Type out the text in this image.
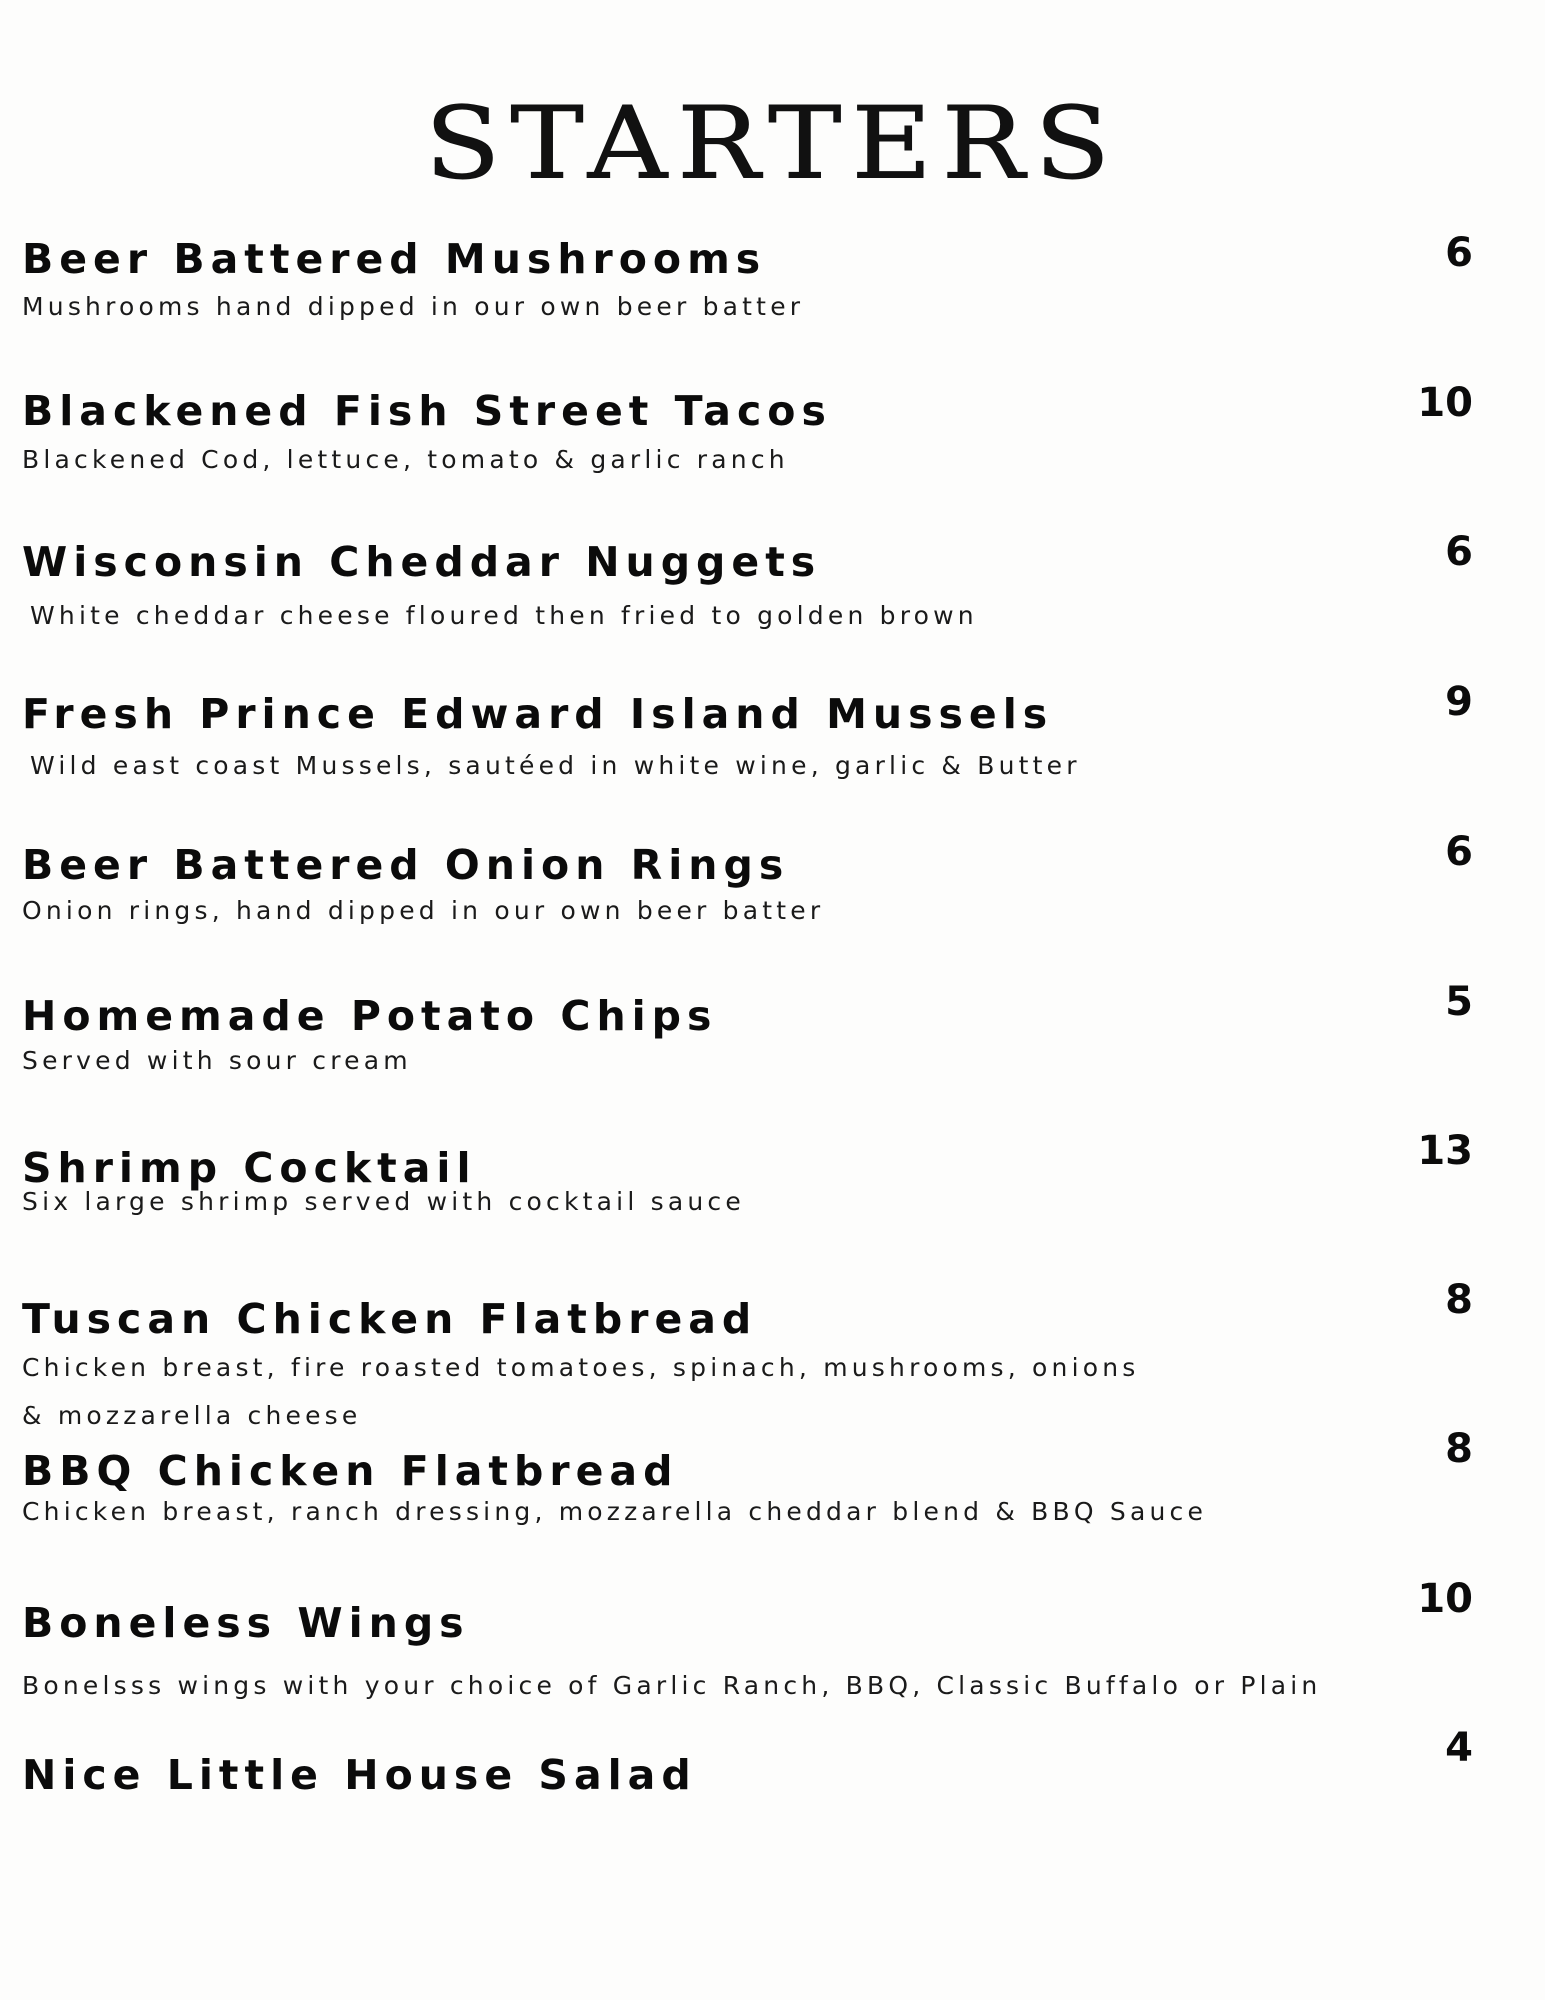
STARTERS
Beer Battered Mushrooms
Mushrooms hand dipped in our own beer batter
6
Blackened Fish Street Tacos
Blackened Cod, lettuce, tomato & garlic ranch
10
Wisconsin Cheddar Nuggets
White cheddar cheese floured then fried to golden brown
6
Fresh Prince Edward Island Mussels
Wild east coast Mussels, sautéed in white wine, garlic & Butter
9
Beer Battered Onion Rings
Onion rings, hand dipped in our own beer batter
6
Homemade Potato Chips
Served with sour cream
5
Shrimp Cocktail
Six large shrimp served with cocktail sauce
13
Tuscan Chicken Flatbread
Chicken breast, fire roasted tomatoes, spinach, mushrooms, onions
& mozzarella cheese
8
BBQ Chicken Flatbread
Chicken breast, ranch dressing, mozzarella cheddar blend & BBQ Sauce
8
Boneless Wings
Bonelsss wings with your choice of Garlic Ranch, BBQ, Classic Buffalo or Plain
10
Nice Little House Salad
4
